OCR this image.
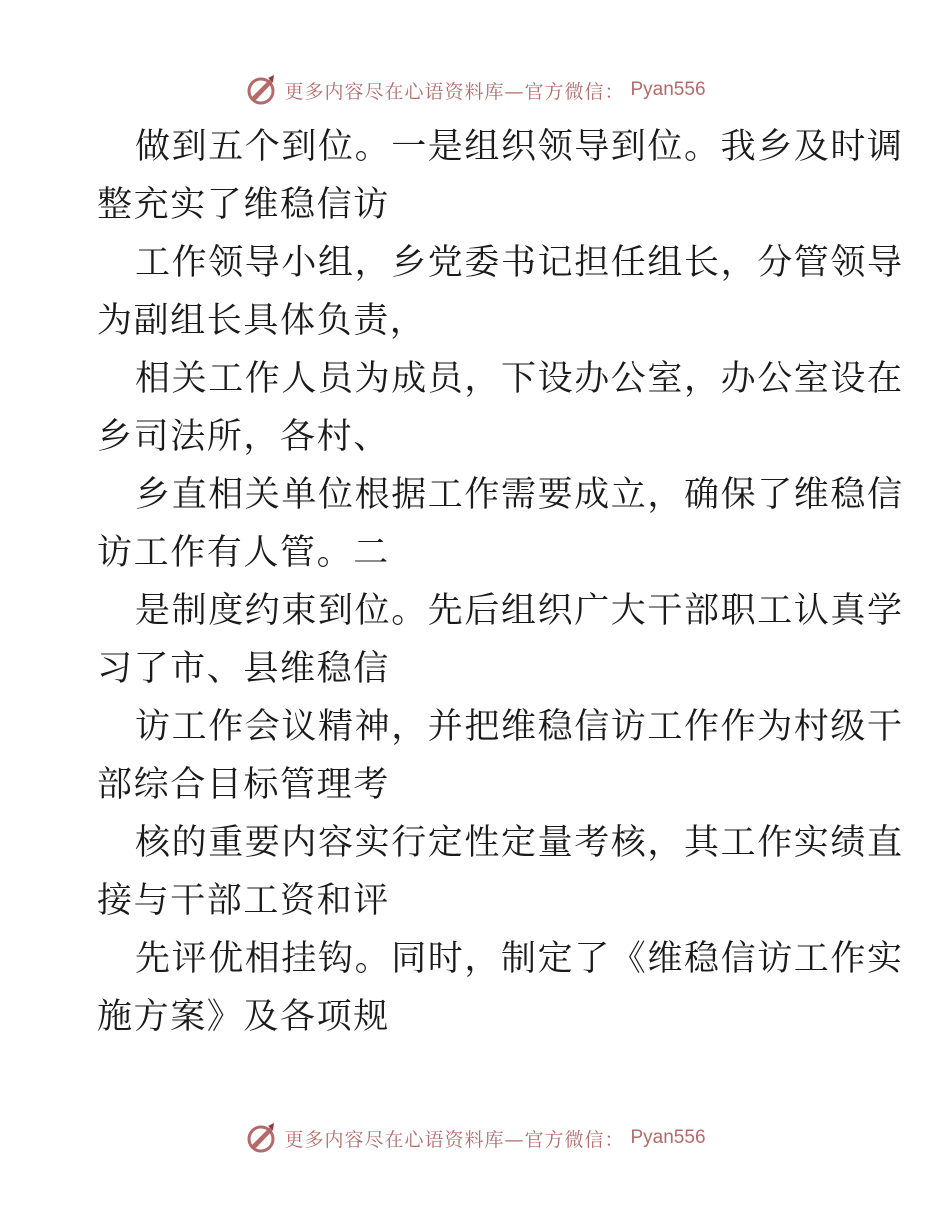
更多内容尽在心语资料库—官方微信： Pyan556

做到五个到位。一是组织领导到位。我乡及时调
整充实了维稳信访

工作领导小组，乡党委书记担任组长，分管领导
为副组长具体负责，

相关工作人员为成员，下设办公室，办公室设在
乡司法所，各村、

乡直相关单位根据工作需要成立，确保了维稳信
访工作有人管。二

是制度约束到位。先后组织广大干部职工认真学
习了市、县维稳信

访工作会议精神，并把维稳信访工作作为村级干
部综合目标管理考

核的重要内容实行定性定量考核，其工作实绩直
接与干部工资和评

先评优相挂钩。同时，制定了《维稳信访工作实
施方案》及各项规

更多内容尽在心语资料库—官方微信： Pyan556
